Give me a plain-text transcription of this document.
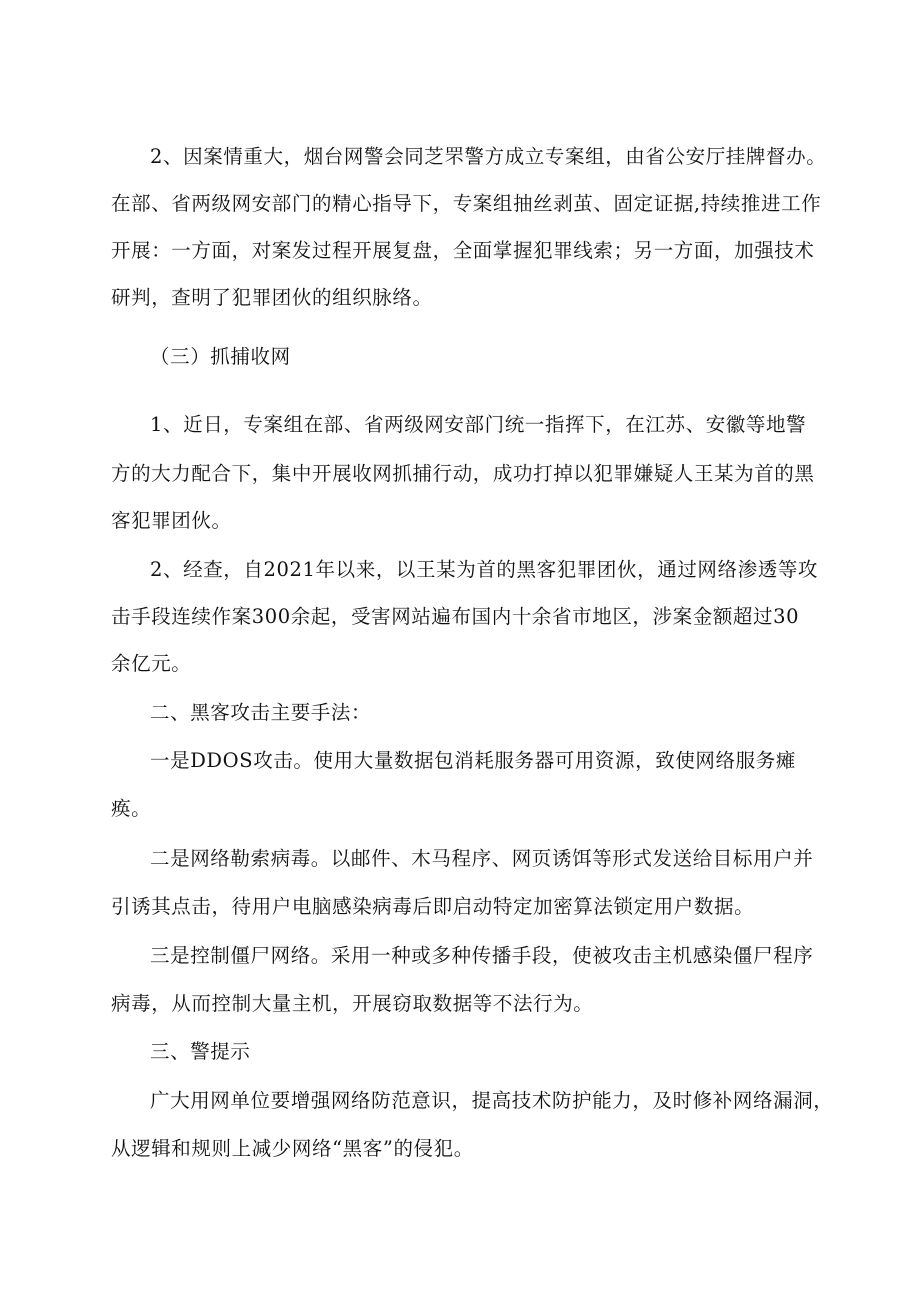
2、因案情重大，烟台网警会同芝罘警方成立专案组，由省公安厅挂牌督办。
在部、省两级网安部门的精心指导下，专案组抽丝剥茧、固定证据,持续推进工作
开展：一方面，对案发过程开展复盘，全面掌握犯罪线索；另一方面，加强技术
研判，查明了犯罪团伙的组织脉络。
（三）抓捕收网
1、近日，专案组在部、省两级网安部门统一指挥下，在江苏、安徽等地警
方的大力配合下，集中开展收网抓捕行动，成功打掉以犯罪嫌疑人王某为首的黑
客犯罪团伙。
2、经查，自2021年以来，以王某为首的黑客犯罪团伙，通过网络渗透等攻
击手段连续作案300余起，受害网站遍布国内十余省市地区，涉案金额超过30
余亿元。
二、黑客攻击主要手法：
一是DDOS攻击。使用大量数据包消耗服务器可用资源，致使网络服务瘫
痪。
二是网络勒索病毒。以邮件、木马程序、网页诱饵等形式发送给目标用户并
引诱其点击，待用户电脑感染病毒后即启动特定加密算法锁定用户数据。
三是控制僵尸网络。采用一种或多种传播手段，使被攻击主机感染僵尸程序
病毒，从而控制大量主机，开展窃取数据等不法行为。
三、警提示
广大用网单位要增强网络防范意识，提高技术防护能力，及时修补网络漏洞，
从逻辑和规则上减少网络“黑客”的侵犯。
